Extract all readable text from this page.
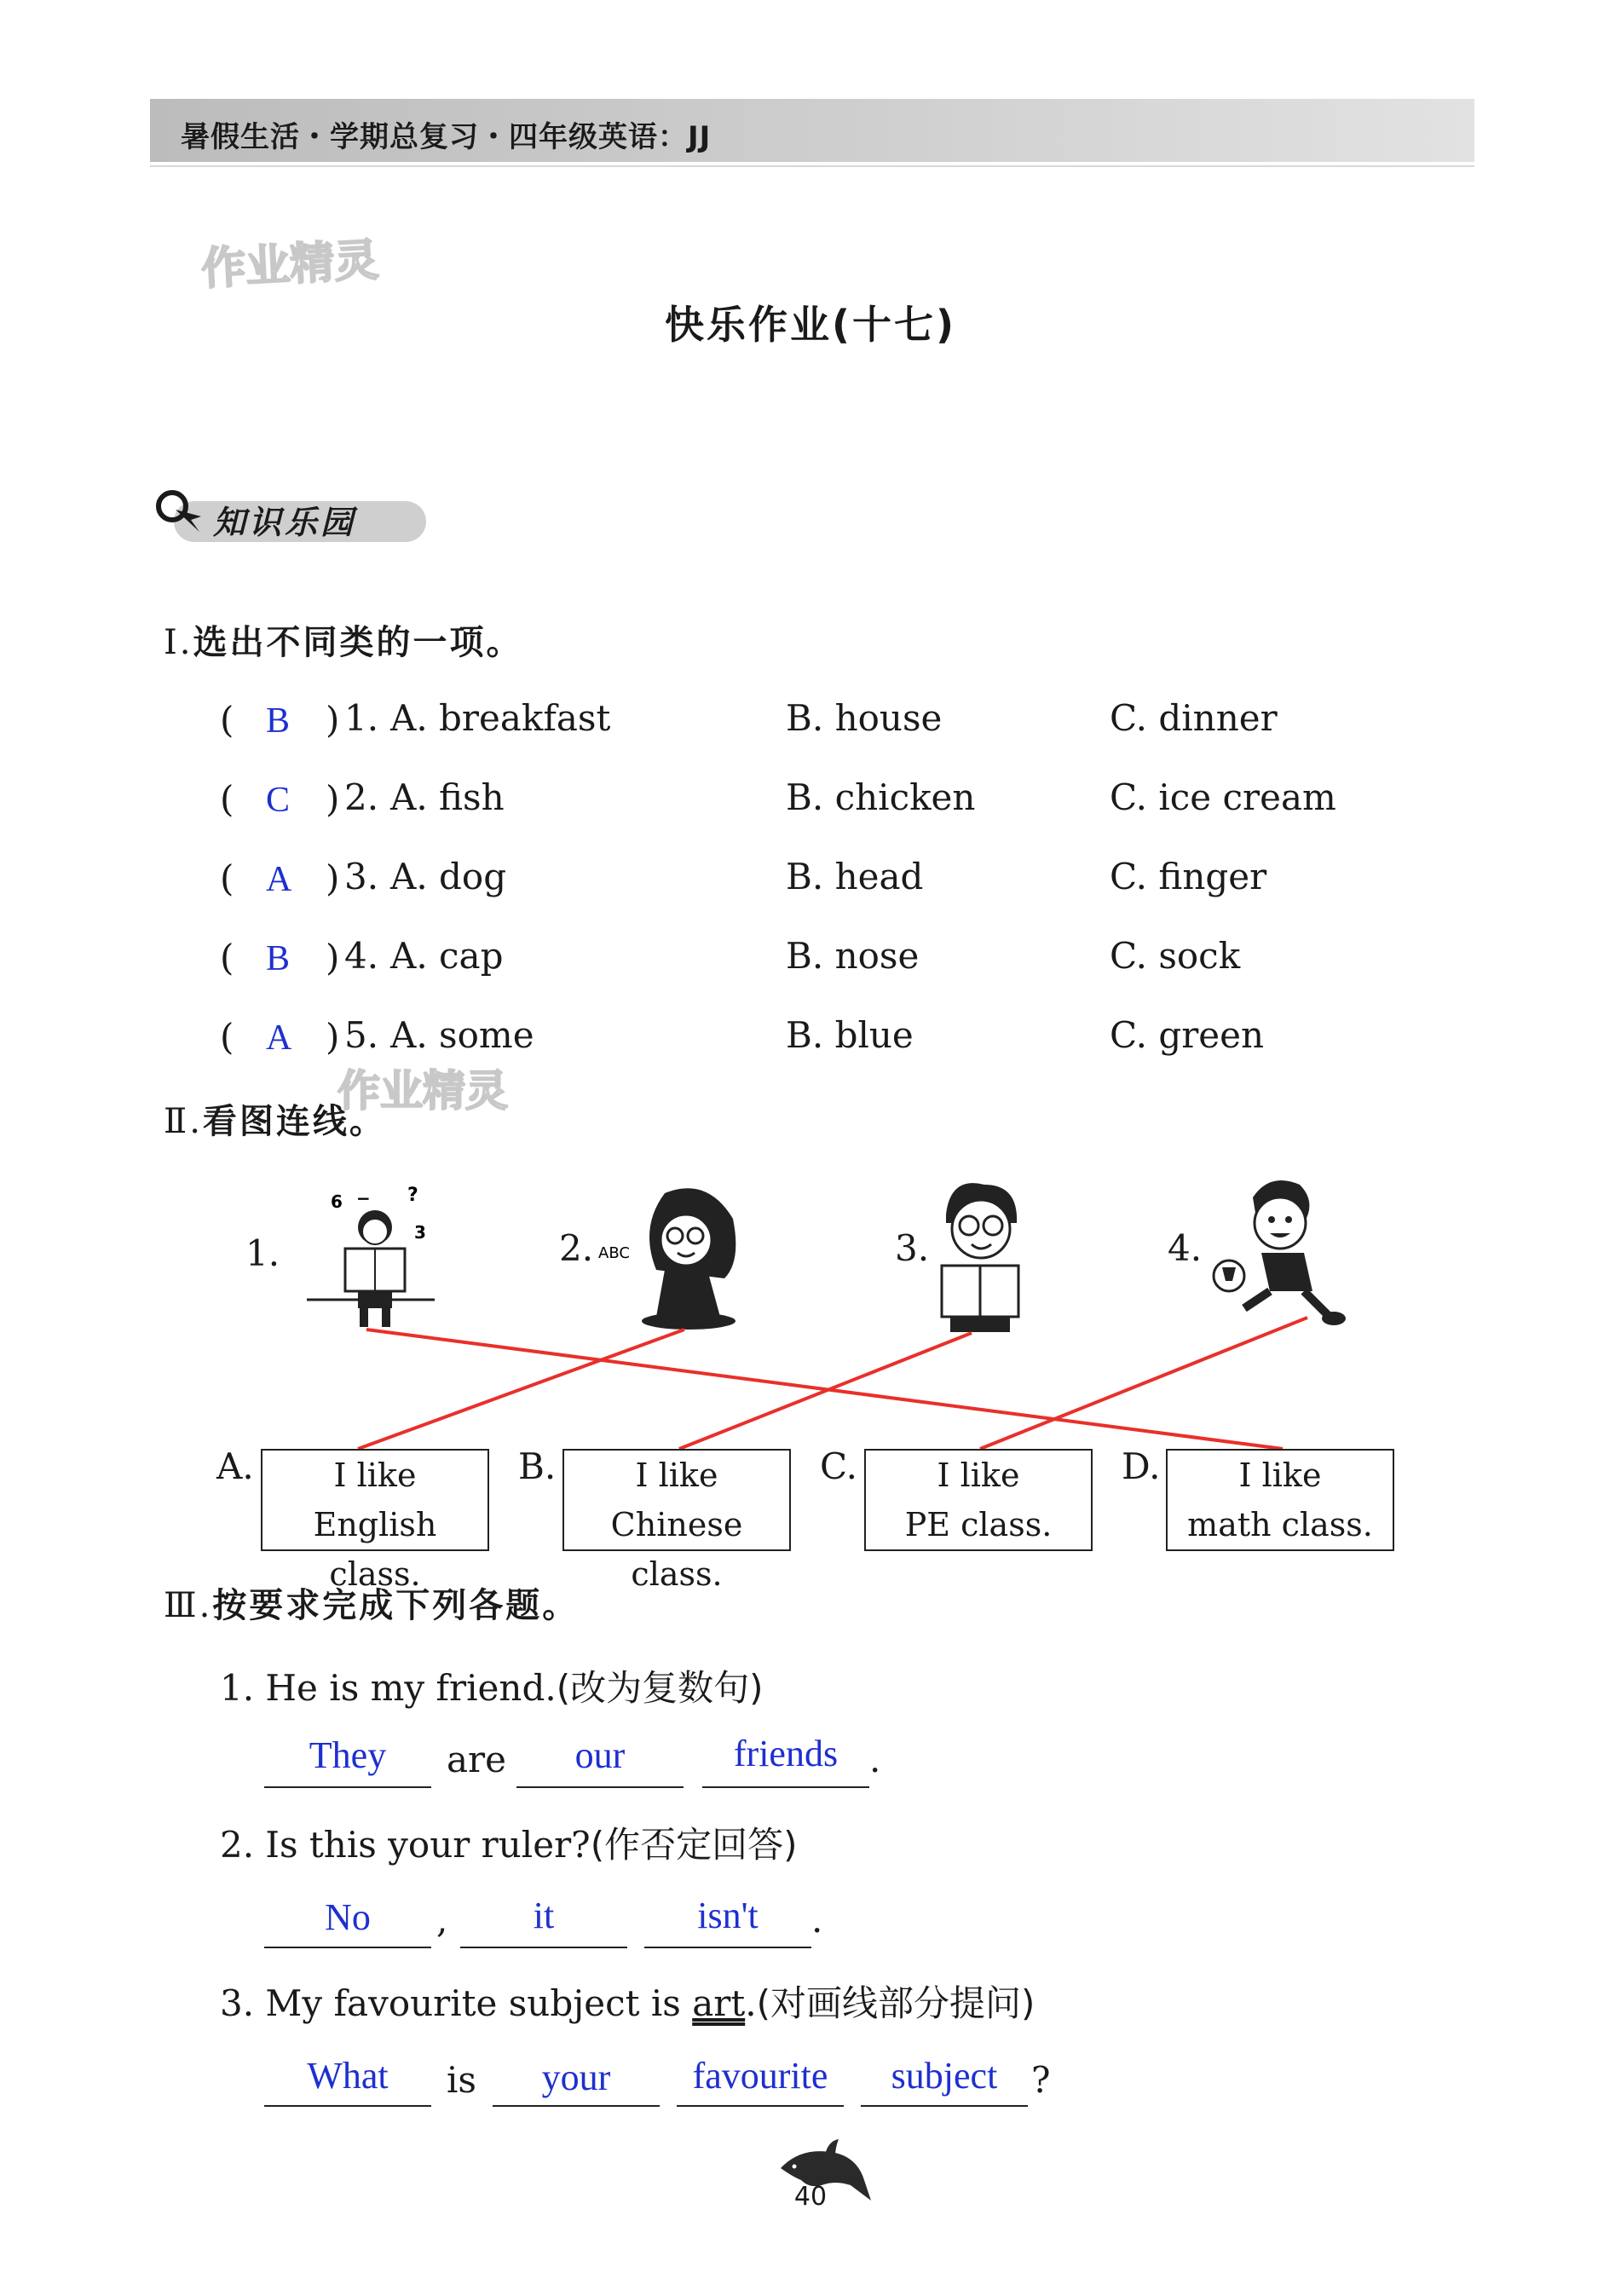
暑假生活・学期总复习・四年级英语：JJ
作业精灵
作业精灵
快乐作业(十七)
知识乐园
Ⅰ.选出不同类的一项。
( B ) 1. A. breakfast	B. house	C. dinner
( C ) 2. A. fish	B. chicken	C. ice cream
( A ) 3. A. dog	B. head	C. finger
( B ) 4. A. cap	B. nose	C. sock
( A ) 5. A. some	B. blue	C. green
Ⅱ.看图连线。
1.	2.	3.	4.
6 − ?
3
ABC
A.	I like
English class.
B.	I like
Chinese class.
C.	I like
PE class.
D.	I like
math class.
Ⅲ.按要求完成下列各题。
1. He is my friend.(改为复数句)
They	are	our	friends .
2. Is this your ruler?(作否定回答)
No	,	it	isn't	.
3. My favourite subject is art.(对画线部分提问)
What	is	your	favourite	subject ?
40
